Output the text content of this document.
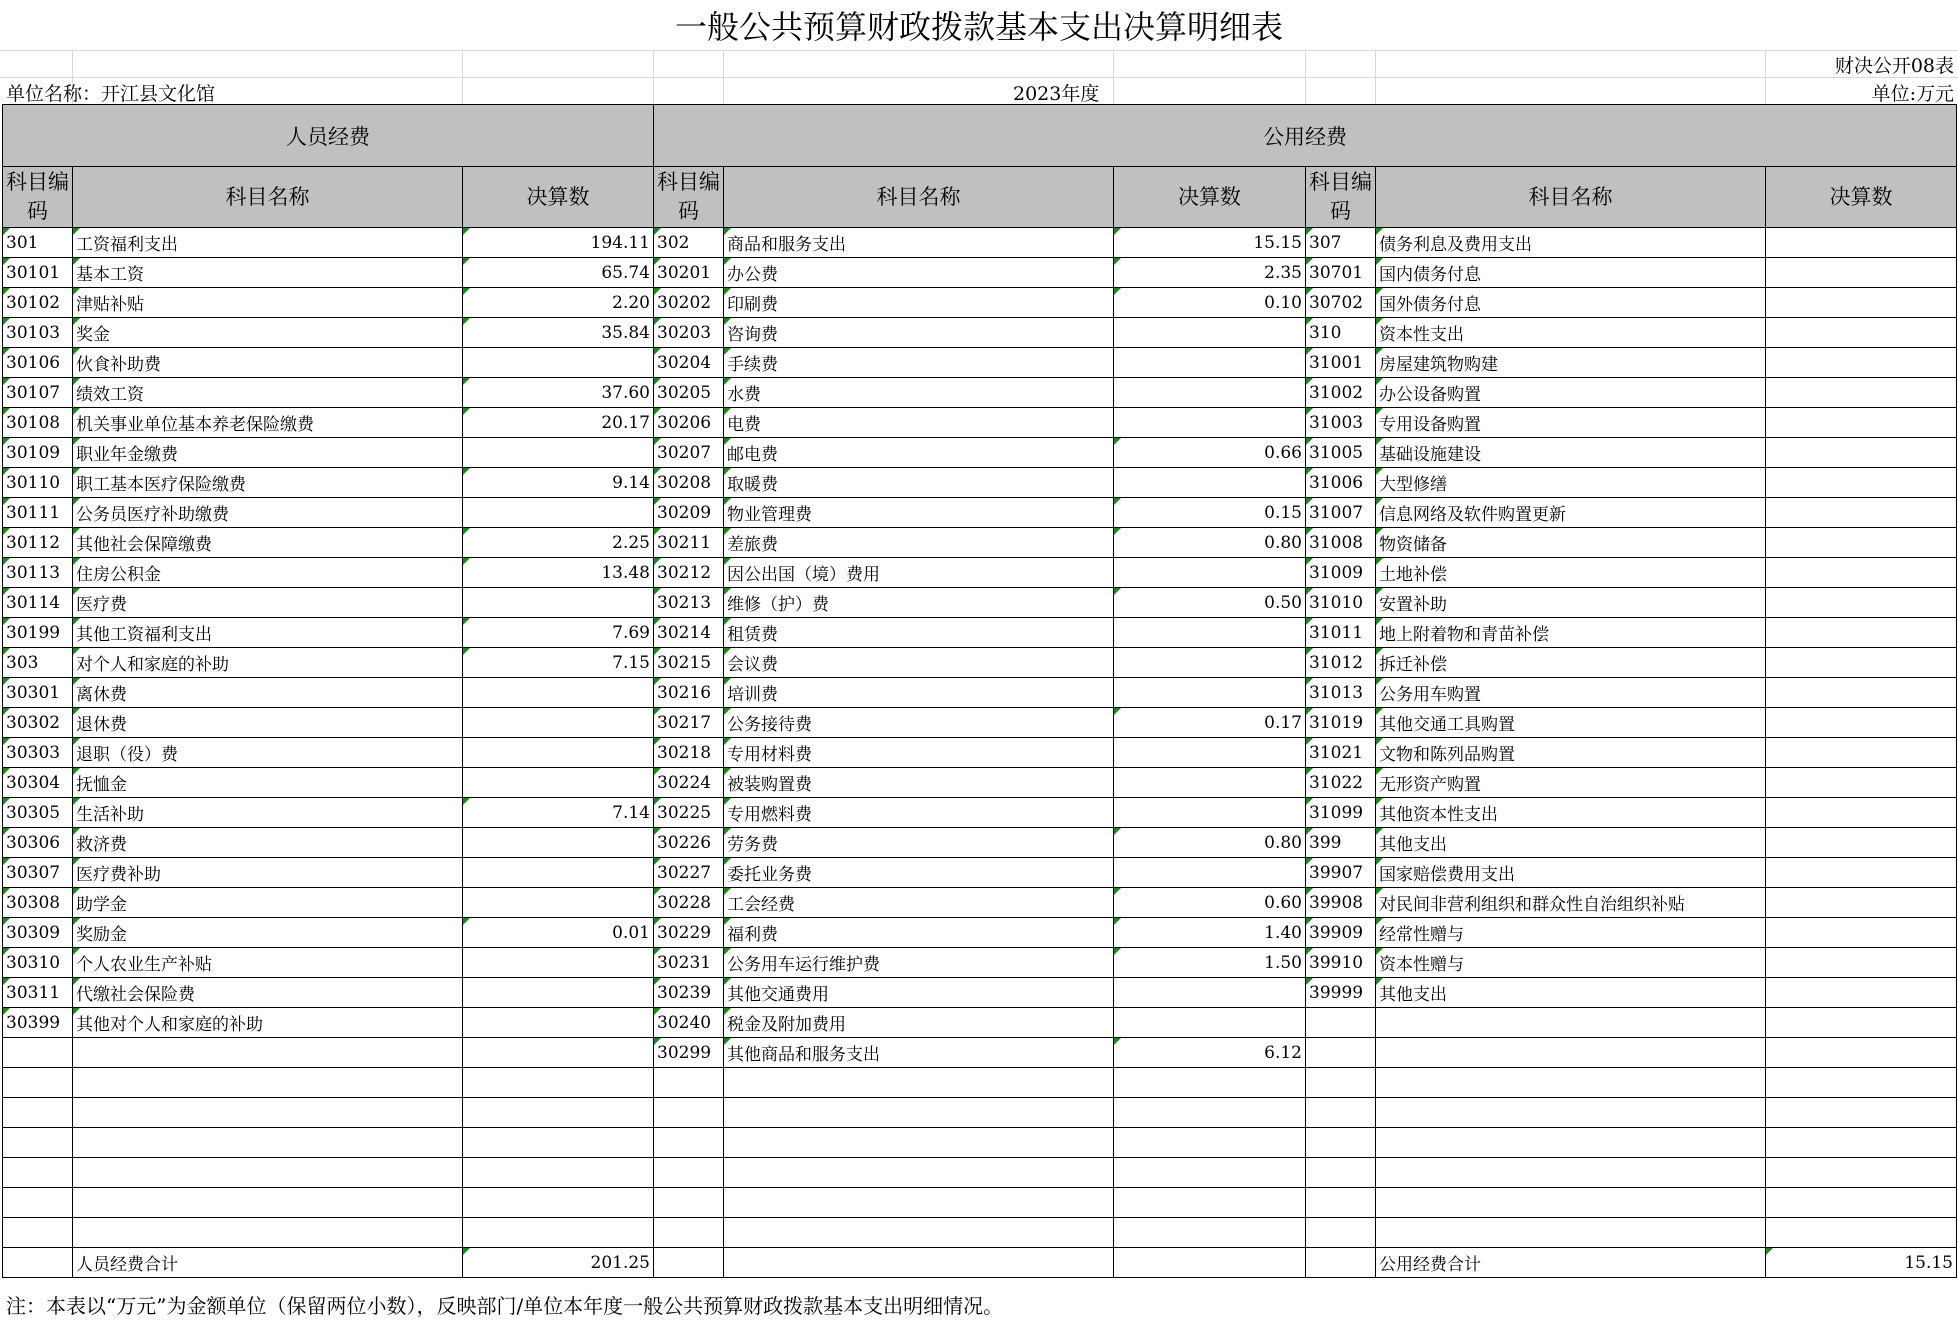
一般公共预算财政拨款基本支出决算明细表
财决公开08表
单位名称：开江县文化馆	2023年度	单位:万元
人员经费			公用经费					
科目编码	科目名称	决算数	科目编码	科目名称	决算数	科目编码	科目名称	决算数
301	工资福利支出	194.11	302	商品和服务支出	15.15	307	债务利息及费用支出	
30101	基本工资	65.74	30201	办公费	2.35	30701	国内债务付息	
30102	津贴补贴	2.20	30202	印刷费	0.10	30702	国外债务付息	
30103	奖金	35.84	30203	咨询费		310	资本性支出	
30106	伙食补助费		30204	手续费		31001	房屋建筑物购建	
30107	绩效工资	37.60	30205	水费		31002	办公设备购置	
30108	机关事业单位基本养老保险缴费	20.17	30206	电费		31003	专用设备购置	
30109	职业年金缴费		30207	邮电费	0.66	31005	基础设施建设	
30110	职工基本医疗保险缴费	9.14	30208	取暖费		31006	大型修缮	
30111	公务员医疗补助缴费		30209	物业管理费	0.15	31007	信息网络及软件购置更新	
30112	其他社会保障缴费	2.25	30211	差旅费	0.80	31008	物资储备	
30113	住房公积金	13.48	30212	因公出国（境）费用		31009	土地补偿	
30114	医疗费		30213	维修（护）费	0.50	31010	安置补助	
30199	其他工资福利支出	7.69	30214	租赁费		31011	地上附着物和青苗补偿	
303	对个人和家庭的补助	7.15	30215	会议费		31012	拆迁补偿	
30301	离休费		30216	培训费		31013	公务用车购置	
30302	退休费		30217	公务接待费	0.17	31019	其他交通工具购置	
30303	退职（役）费		30218	专用材料费		31021	文物和陈列品购置	
30304	抚恤金		30224	被装购置费		31022	无形资产购置	
30305	生活补助	7.14	30225	专用燃料费		31099	其他资本性支出	
30306	救济费		30226	劳务费	0.80	399	其他支出	
30307	医疗费补助		30227	委托业务费		39907	国家赔偿费用支出	
30308	助学金		30228	工会经费	0.60	39908	对民间非营利组织和群众性自治组织补贴	
30309	奖励金	0.01	30229	福利费	1.40	39909	经常性赠与	
30310	个人农业生产补贴		30231	公务用车运行维护费	1.50	39910	资本性赠与	
30311	代缴社会保险费		30239	其他交通费用		39999	其他支出	
30399	其他对个人和家庭的补助		30240	税金及附加费用				
			30299	其他商品和服务支出	6.12			

	人员经费合计	201.25					公用经费合计	15.15
注：本表以“万元”为金额单位（保留两位小数），反映部门/单位本年度一般公共预算财政拨款基本支出明细情况。
